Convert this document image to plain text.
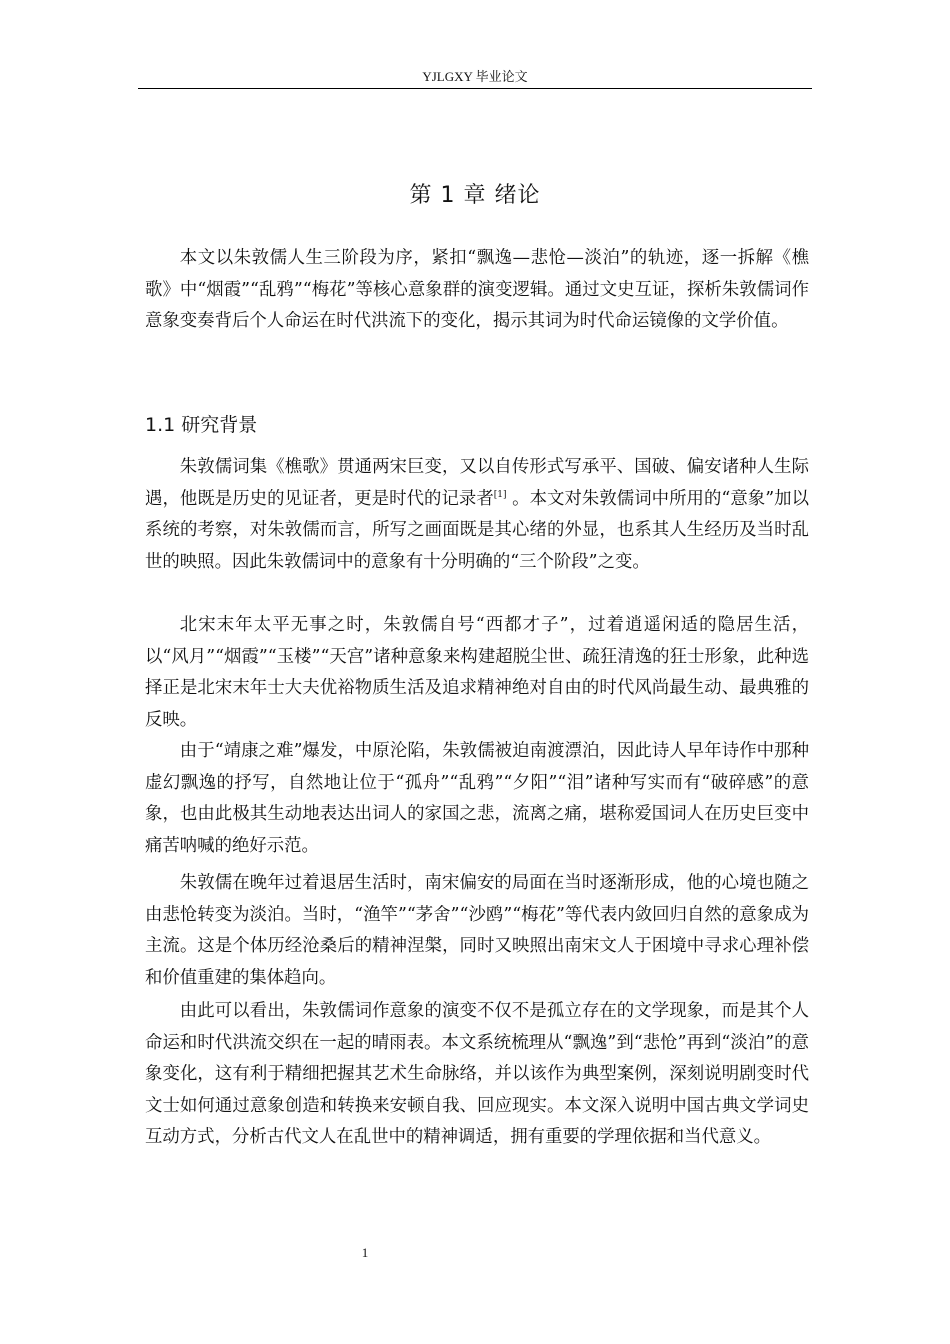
YJLGXY 毕业论文
第 1 章 绪论

本文以朱敦儒人生三阶段为序，紧扣“飘逸—悲怆—淡泊”的轨迹，逐一拆解《樵歌》中“烟霞”“乱鸦”“梅花”等核心意象群的演变逻辑。通过文史互证，探析朱敦儒词作意象变奏背后个人命运在时代洪流下的变化，揭示其词为时代命运镜像的文学价值。

1.1 研究背景

朱敦儒词集《樵歌》贯通两宋巨变，又以自传形式写承平、国破、偏安诸种人生际遇，他既是历史的见证者，更是时代的记录者[1] 。本文对朱敦儒词中所用的“意象”加以系统的考察，对朱敦儒而言，所写之画面既是其心绪的外显，也系其人生经历及当时乱世的映照。因此朱敦儒词中的意象有十分明确的“三个阶段”之变。

北宋末年太平无事之时，朱敦儒自号“西都才子”，过着逍遥闲适的隐居生活，以“风月”“烟霞”“玉楼”“天宫”诸种意象来构建超脱尘世、疏狂清逸的狂士形象，此种选择正是北宋末年士大夫优裕物质生活及追求精神绝对自由的时代风尚最生动、最典雅的反映。

由于“靖康之难”爆发，中原沦陷，朱敦儒被迫南渡漂泊，因此诗人早年诗作中那种虚幻飘逸的抒写，自然地让位于“孤舟”“乱鸦”“夕阳”“泪”诸种写实而有“破碎感”的意象，也由此极其生动地表达出词人的家国之悲，流离之痛，堪称爱国词人在历史巨变中痛苦呐喊的绝好示范。

朱敦儒在晚年过着退居生活时，南宋偏安的局面在当时逐渐形成，他的心境也随之由悲怆转变为淡泊。当时，“渔竿”“茅舍”“沙鸥”“梅花”等代表内敛回归自然的意象成为主流。这是个体历经沧桑后的精神涅槃，同时又映照出南宋文人于困境中寻求心理补偿和价值重建的集体趋向。

由此可以看出，朱敦儒词作意象的演变不仅不是孤立存在的文学现象，而是其个人命运和时代洪流交织在一起的晴雨表。本文系统梳理从“飘逸”到“悲怆”再到“淡泊”的意象变化，这有利于精细把握其艺术生命脉络，并以该作为典型案例，深刻说明剧变时代文士如何通过意象创造和转换来安顿自我、回应现实。本文深入说明中国古典文学词史互动方式，分析古代文人在乱世中的精神调适，拥有重要的学理依据和当代意义。

1
